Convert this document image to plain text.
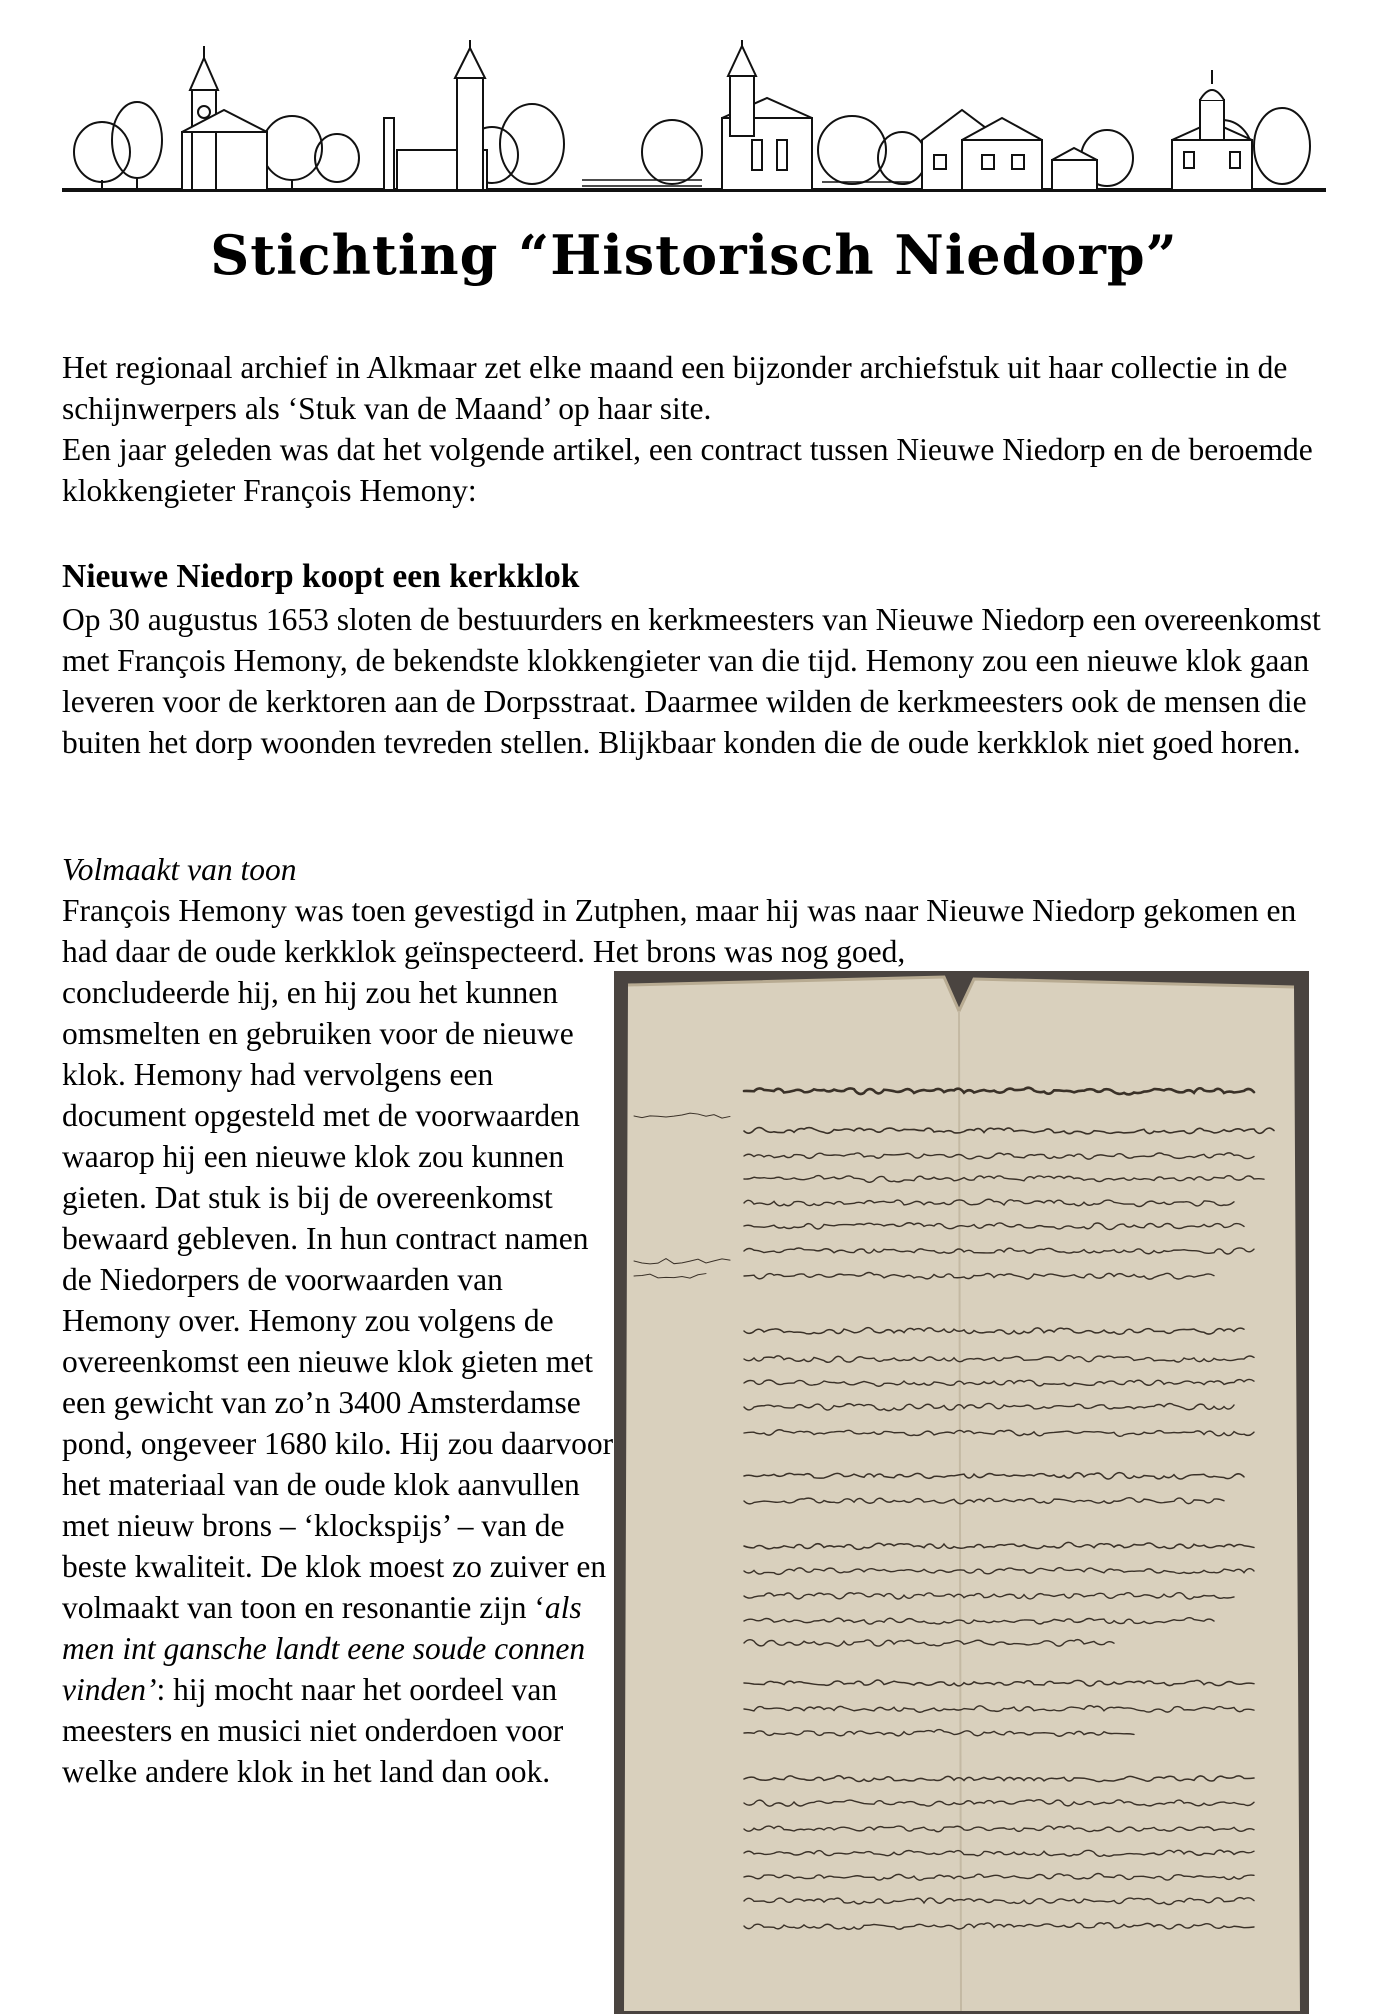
Stichting “Historisch Niedorp”

Het regionaal archief in Alkmaar zet elke maand een bijzonder archiefstuk uit haar collectie in de schijnwerpers als ‘Stuk van de Maand’ op haar site.

Een jaar geleden was dat het volgende artikel, een contract tussen Nieuwe Niedorp en de beroemde klokkengieter François Hemony:

Nieuwe Niedorp koopt een kerkklok

Op 30 augustus 1653 sloten de bestuurders en kerkmeesters van Nieuwe Niedorp een overeenkomst met François Hemony, de bekendste klokkengieter van die tijd. Hemony zou een nieuwe klok gaan leveren voor de kerktoren aan de Dorpsstraat. Daarmee wilden de kerkmeesters ook de mensen die buiten het dorp woonden tevreden stellen. Blijkbaar konden die de oude kerkklok niet goed horen.

Volmaakt van toon

François Hemony was toen gevestigd in Zutphen, maar hij was naar Nieuwe Niedorp gekomen en had daar de oude kerkklok geïnspecteerd. Het brons was nog goed,

concludeerde hij, en hij zou het kunnen omsmelten en gebruiken voor de nieuwe klok. Hemony had vervolgens een document opgesteld met de voorwaarden waarop hij een nieuwe klok zou kunnen gieten. Dat stuk is bij de overeenkomst bewaard gebleven. In hun contract namen de Niedorpers de voorwaarden van Hemony over. Hemony zou volgens de overeenkomst een nieuwe klok gieten met een gewicht van zo’n 3400 Amsterdamse pond, ongeveer 1680 kilo. Hij zou daarvoor het materiaal van de oude klok aanvullen met nieuw brons – ‘klockspijs’ – van de beste kwaliteit. De klok moest zo zuiver en volmaakt van toon en resonantie zijn ‘als men int gansche landt eene soude connen vinden’: hij mocht naar het oordeel van meesters en musici niet onderdoen voor welke andere klok in het land dan ook.
